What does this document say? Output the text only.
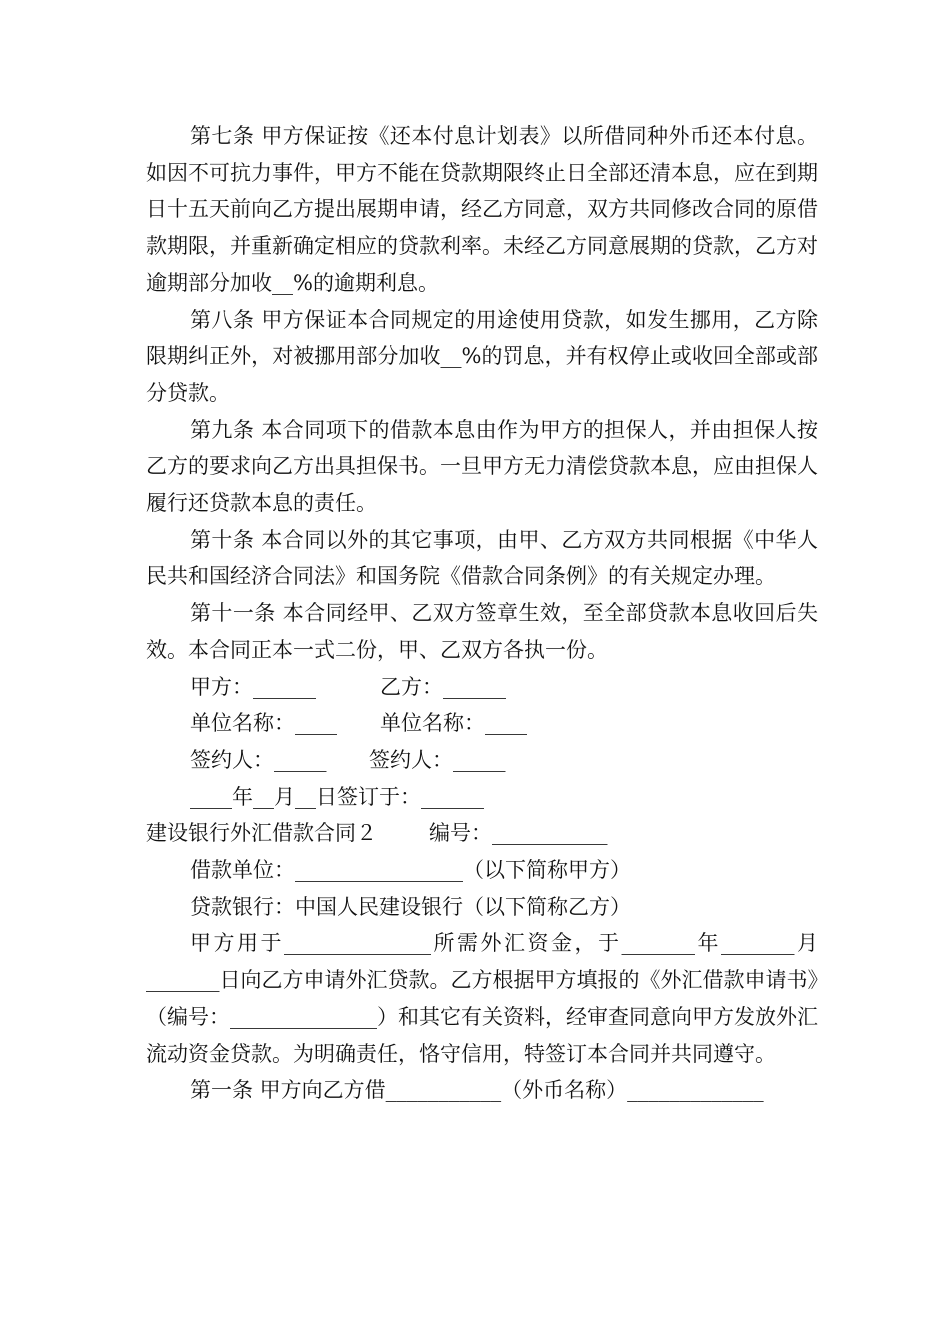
第七条 甲方保证按《还本付息计划表》以所借同种外币还本付息。如因不可抗力事件，甲方不能在贷款期限终止日全部还清本息，应在到期日十五天前向乙方提出展期申请，经乙方同意，双方共同修改合同的原借款期限，并重新确定相应的贷款利率。未经乙方同意展期的贷款，乙方对逾期部分加收__%的逾期利息。

第八条 甲方保证本合同规定的用途使用贷款，如发生挪用，乙方除限期纠正外，对被挪用部分加收__%的罚息，并有权停止或收回全部或部分贷款。

第九条 本合同项下的借款本息由作为甲方的担保人，并由担保人按乙方的要求向乙方出具担保书。一旦甲方无力清偿贷款本息，应由担保人履行还贷款本息的责任。

第十条 本合同以外的其它事项，由甲、乙方双方共同根据《中华人民共和国经济合同法》和国务院《借款合同条例》的有关规定办理。

第十一条 本合同经甲、乙双方签章生效，至全部贷款本息收回后失效。本合同正本一式二份，甲、乙双方各执一份。

甲方：______	乙方：______
单位名称：____ 单位名称：____
签约人：_____ 签约人：_____
____年__月__日签订于：______
建设银行外汇借款合同２ 编号：___________
借款单位：________________（以下简称甲方）
贷款银行：中国人民建设银行（以下简称乙方）

甲方用于______________所需外汇资金，于_______年_______月_______日向乙方申请外汇贷款。乙方根据甲方填报的《外汇借款申请书》（编号：______________）和其它有关资料，经审查同意向甲方发放外汇流动资金贷款。为明确责任，恪守信用，特签订本合同并共同遵守。

第一条 甲方向乙方借___________（外币名称）_____________
